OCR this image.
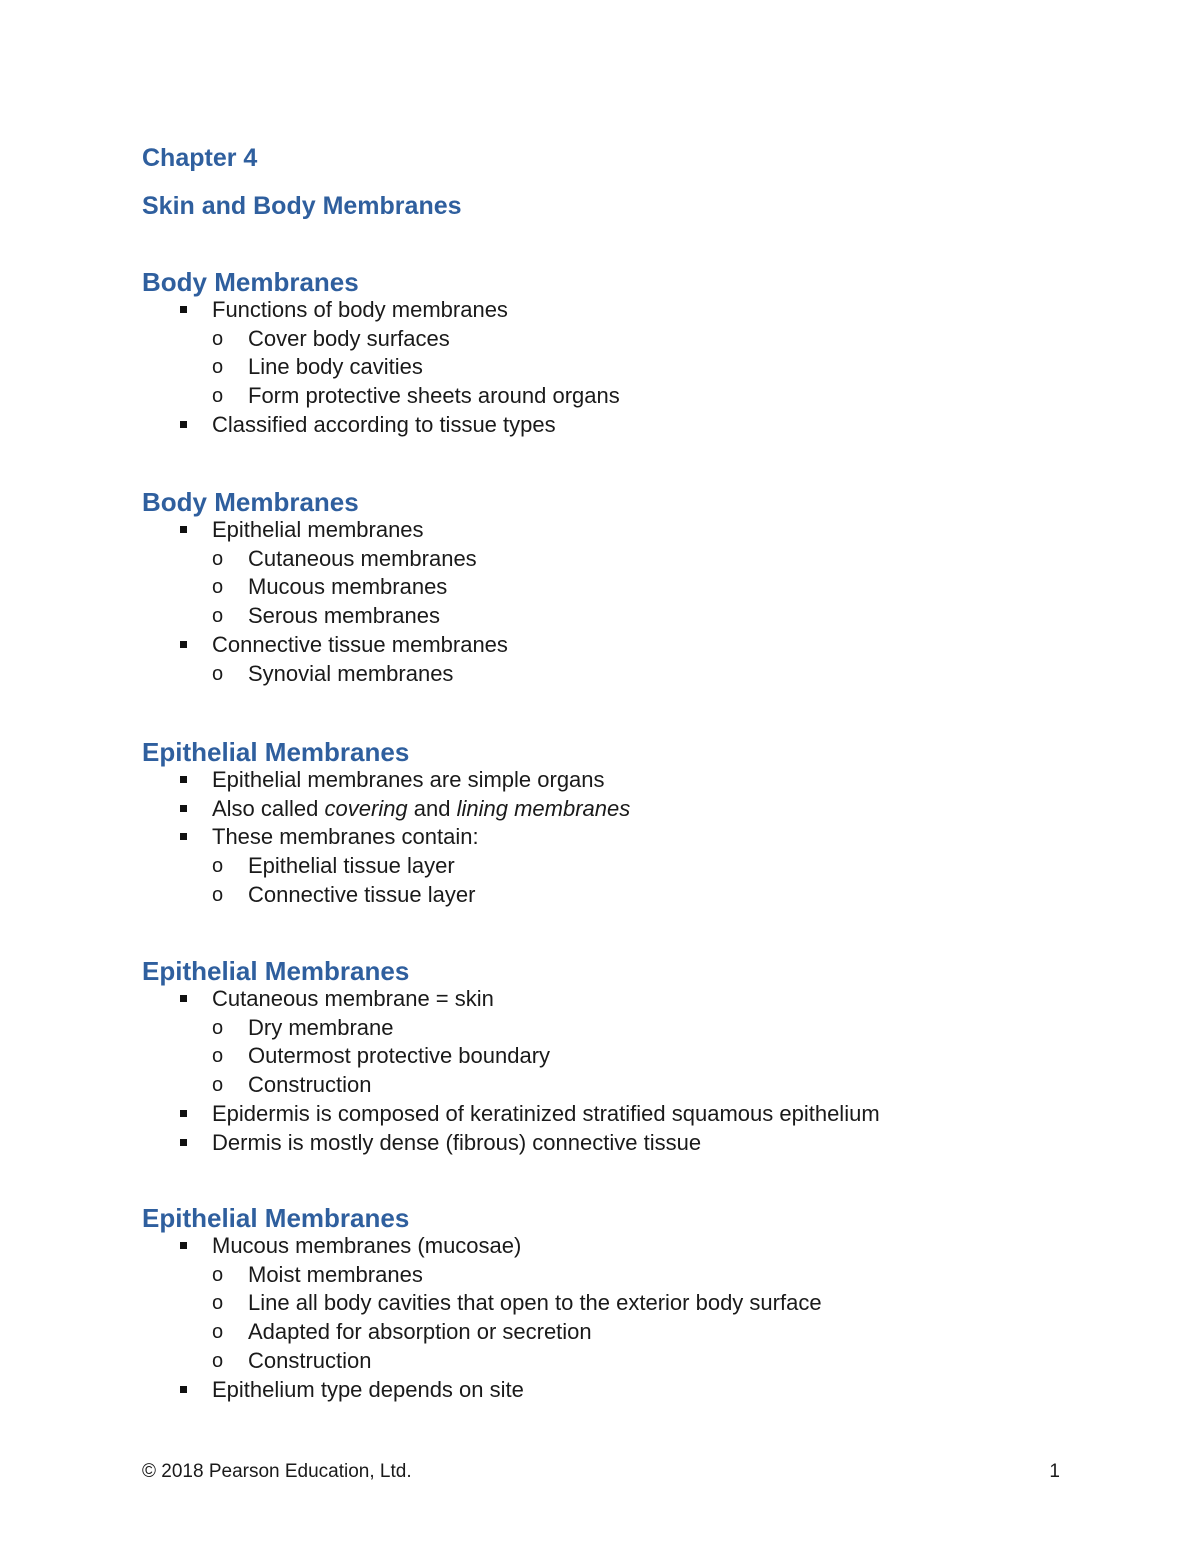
Chapter 4
Skin and Body Membranes
Body Membranes
Functions of body membranes
o Cover body surfaces
o Line body cavities
o Form protective sheets around organs
Classified according to tissue types
Body Membranes
Epithelial membranes
o Cutaneous membranes
o Mucous membranes
o Serous membranes
Connective tissue membranes
o Synovial membranes
Epithelial Membranes
Epithelial membranes are simple organs
Also called covering and lining membranes
These membranes contain:
o Epithelial tissue layer
o Connective tissue layer
Epithelial Membranes
Cutaneous membrane = skin
o Dry membrane
o Outermost protective boundary
o Construction
Epidermis is composed of keratinized stratified squamous epithelium
Dermis is mostly dense (fibrous) connective tissue
Epithelial Membranes
Mucous membranes (mucosae)
o Moist membranes
o Line all body cavities that open to the exterior body surface
o Adapted for absorption or secretion
o Construction
Epithelium type depends on site

© 2018 Pearson Education, Ltd.	1
